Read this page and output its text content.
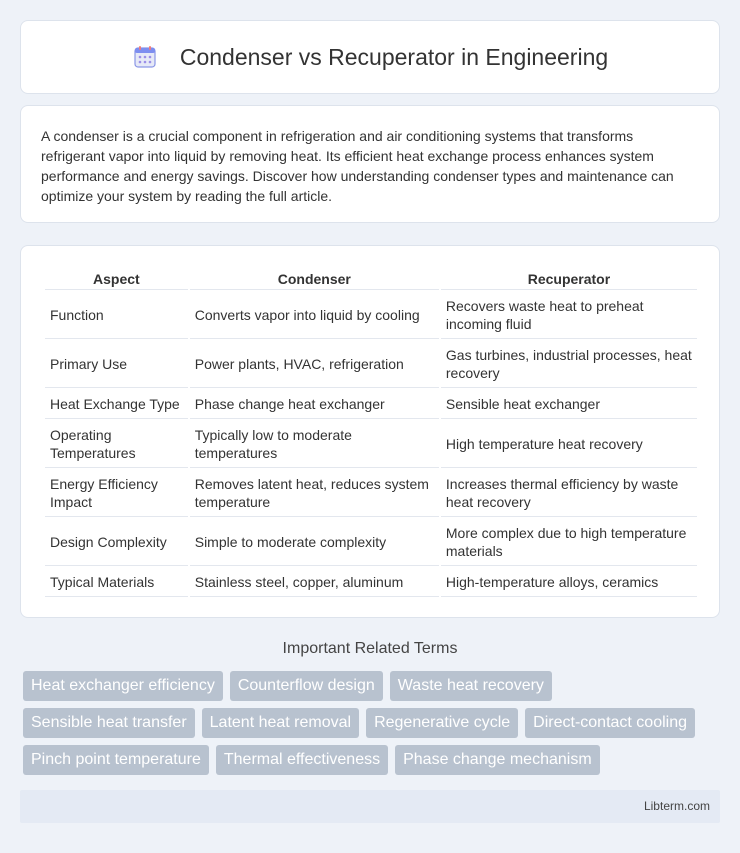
Condenser vs Recuperator in Engineering

A condenser is a crucial component in refrigeration and air conditioning systems that transforms refrigerant vapor into liquid by removing heat. Its efficient heat exchange process enhances system performance and energy savings. Discover how understanding condenser types and maintenance can optimize your system by reading the full article.

Aspect	Condenser	Recuperator
Function	Converts vapor into liquid by cooling	Recovers waste heat to preheat incoming fluid
Primary Use	Power plants, HVAC, refrigeration	Gas turbines, industrial processes, heat recovery
Heat Exchange Type	Phase change heat exchanger	Sensible heat exchanger
Operating Temperatures	Typically low to moderate temperatures	High temperature heat recovery
Energy Efficiency Impact	Removes latent heat, reduces system temperature	Increases thermal efficiency by waste heat recovery
Design Complexity	Simple to moderate complexity	More complex due to high temperature materials
Typical Materials	Stainless steel, copper, aluminum	High-temperature alloys, ceramics
Important Related Terms
Heat exchanger efficiency	Counterflow design	Waste heat recovery
Sensible heat transfer	Latent heat removal	Regenerative cycle	Direct-contact cooling
Pinch point temperature	Thermal effectiveness	Phase change mechanism
Libterm.com
